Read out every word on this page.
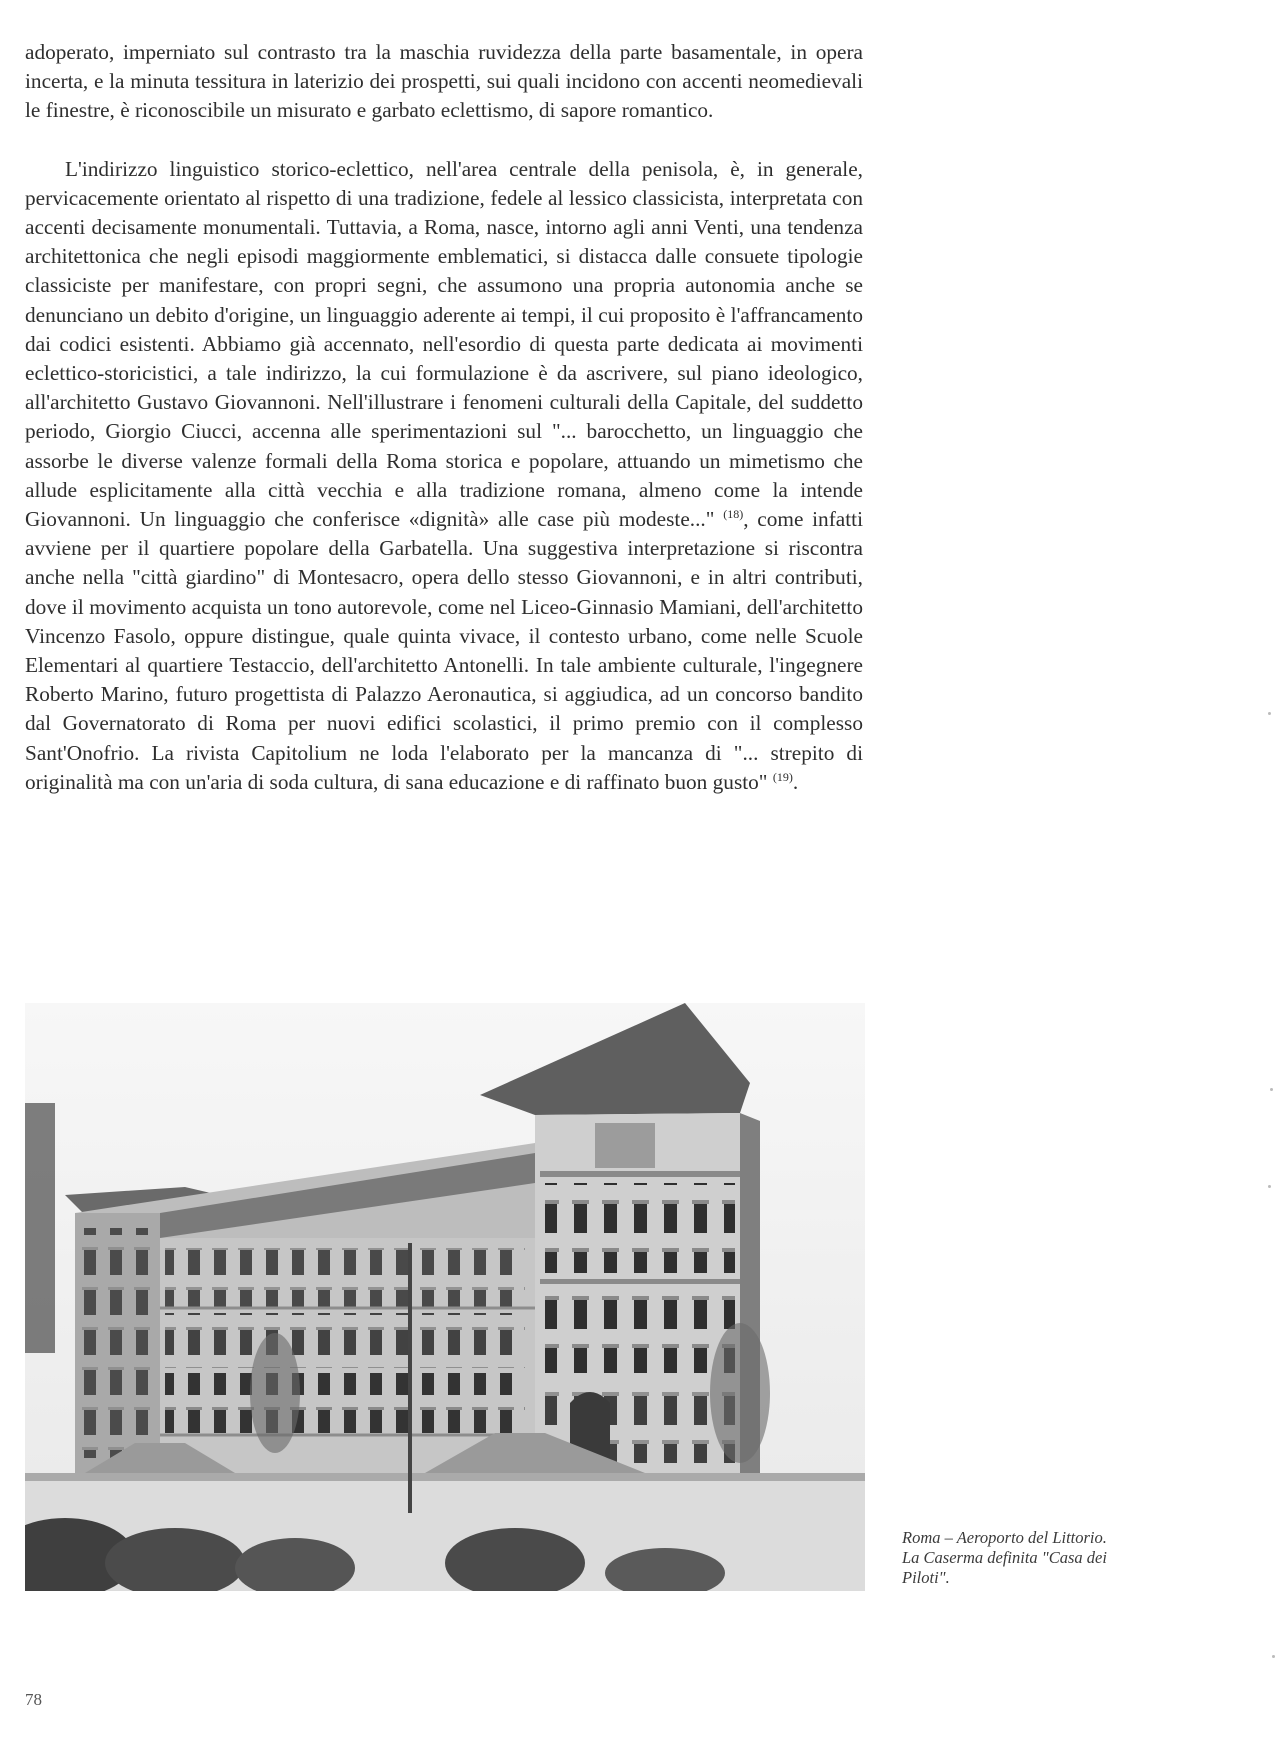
adoperato, imperniato sul contrasto tra la maschia ruvidezza della parte basamentale, in opera incerta, e la minuta tessitura in laterizio dei prospetti, sui quali incidono con accenti neomedievali le finestre, è riconoscibile un misurato e garbato eclettismo, di sapore romantico.

L'indirizzo linguistico storico-eclettico, nell'area centrale della penisola, è, in generale, pervicacemente orientato al rispetto di una tradizione, fedele al lessico classicista, interpretata con accenti decisamente monumentali. Tuttavia, a Roma, nasce, intorno agli anni Venti, una tendenza architettonica che negli episodi maggiormente emblematici, si distacca dalle consuete tipologie classiciste per manifestare, con propri segni, che assumono una propria autonomia anche se denunciano un debito d'origine, un linguaggio aderente ai tempi, il cui proposito è l'affrancamento dai codici esistenti. Abbiamo già accennato, nell'esordio di questa parte dedicata ai movimenti eclettico-storicistici, a tale indirizzo, la cui formulazione è da ascrivere, sul piano ideologico, all'architetto Gustavo Giovannoni. Nell'illustrare i fenomeni culturali della Capitale, del suddetto periodo, Giorgio Ciucci, accenna alle sperimentazioni sul "... barocchetto, un linguaggio che assorbe le diverse valenze formali della Roma storica e popolare, attuando un mimetismo che allude esplicitamente alla città vecchia e alla tradizione romana, almeno come la intende Giovannoni. Un linguaggio che conferisce «dignità» alle case più modeste..." $^{(18)}$, come infatti avviene per il quartiere popolare della Garbatella. Una suggestiva interpretazione si riscontra anche nella "città giardino" di Montesacro, opera dello stesso Giovannoni, e in altri contributi, dove il movimento acquista un tono autorevole, come nel Liceo-Ginnasio Mamiani, dell'architetto Vincenzo Fasolo, oppure distingue, quale quinta vivace, il contesto urbano, come nelle Scuole Elementari al quartiere Testaccio, dell'architetto Antonelli. In tale ambiente culturale, l'ingegnere Roberto Marino, futuro progettista di Palazzo Aeronautica, si aggiudica, ad un concorso bandito dal Governatorato di Roma per nuovi edifici scolastici, il primo premio con il complesso Sant'Onofrio. La rivista Capitolium ne loda l'elaborato per la mancanza di "... strepito di originalità ma con un'aria di soda cultura, di sana educazione e di raffinato buon gusto" $^{(19)}$.

Roma – Aeroporto del Littorio.
La Caserma definita "Casa dei
Piloti".
78
